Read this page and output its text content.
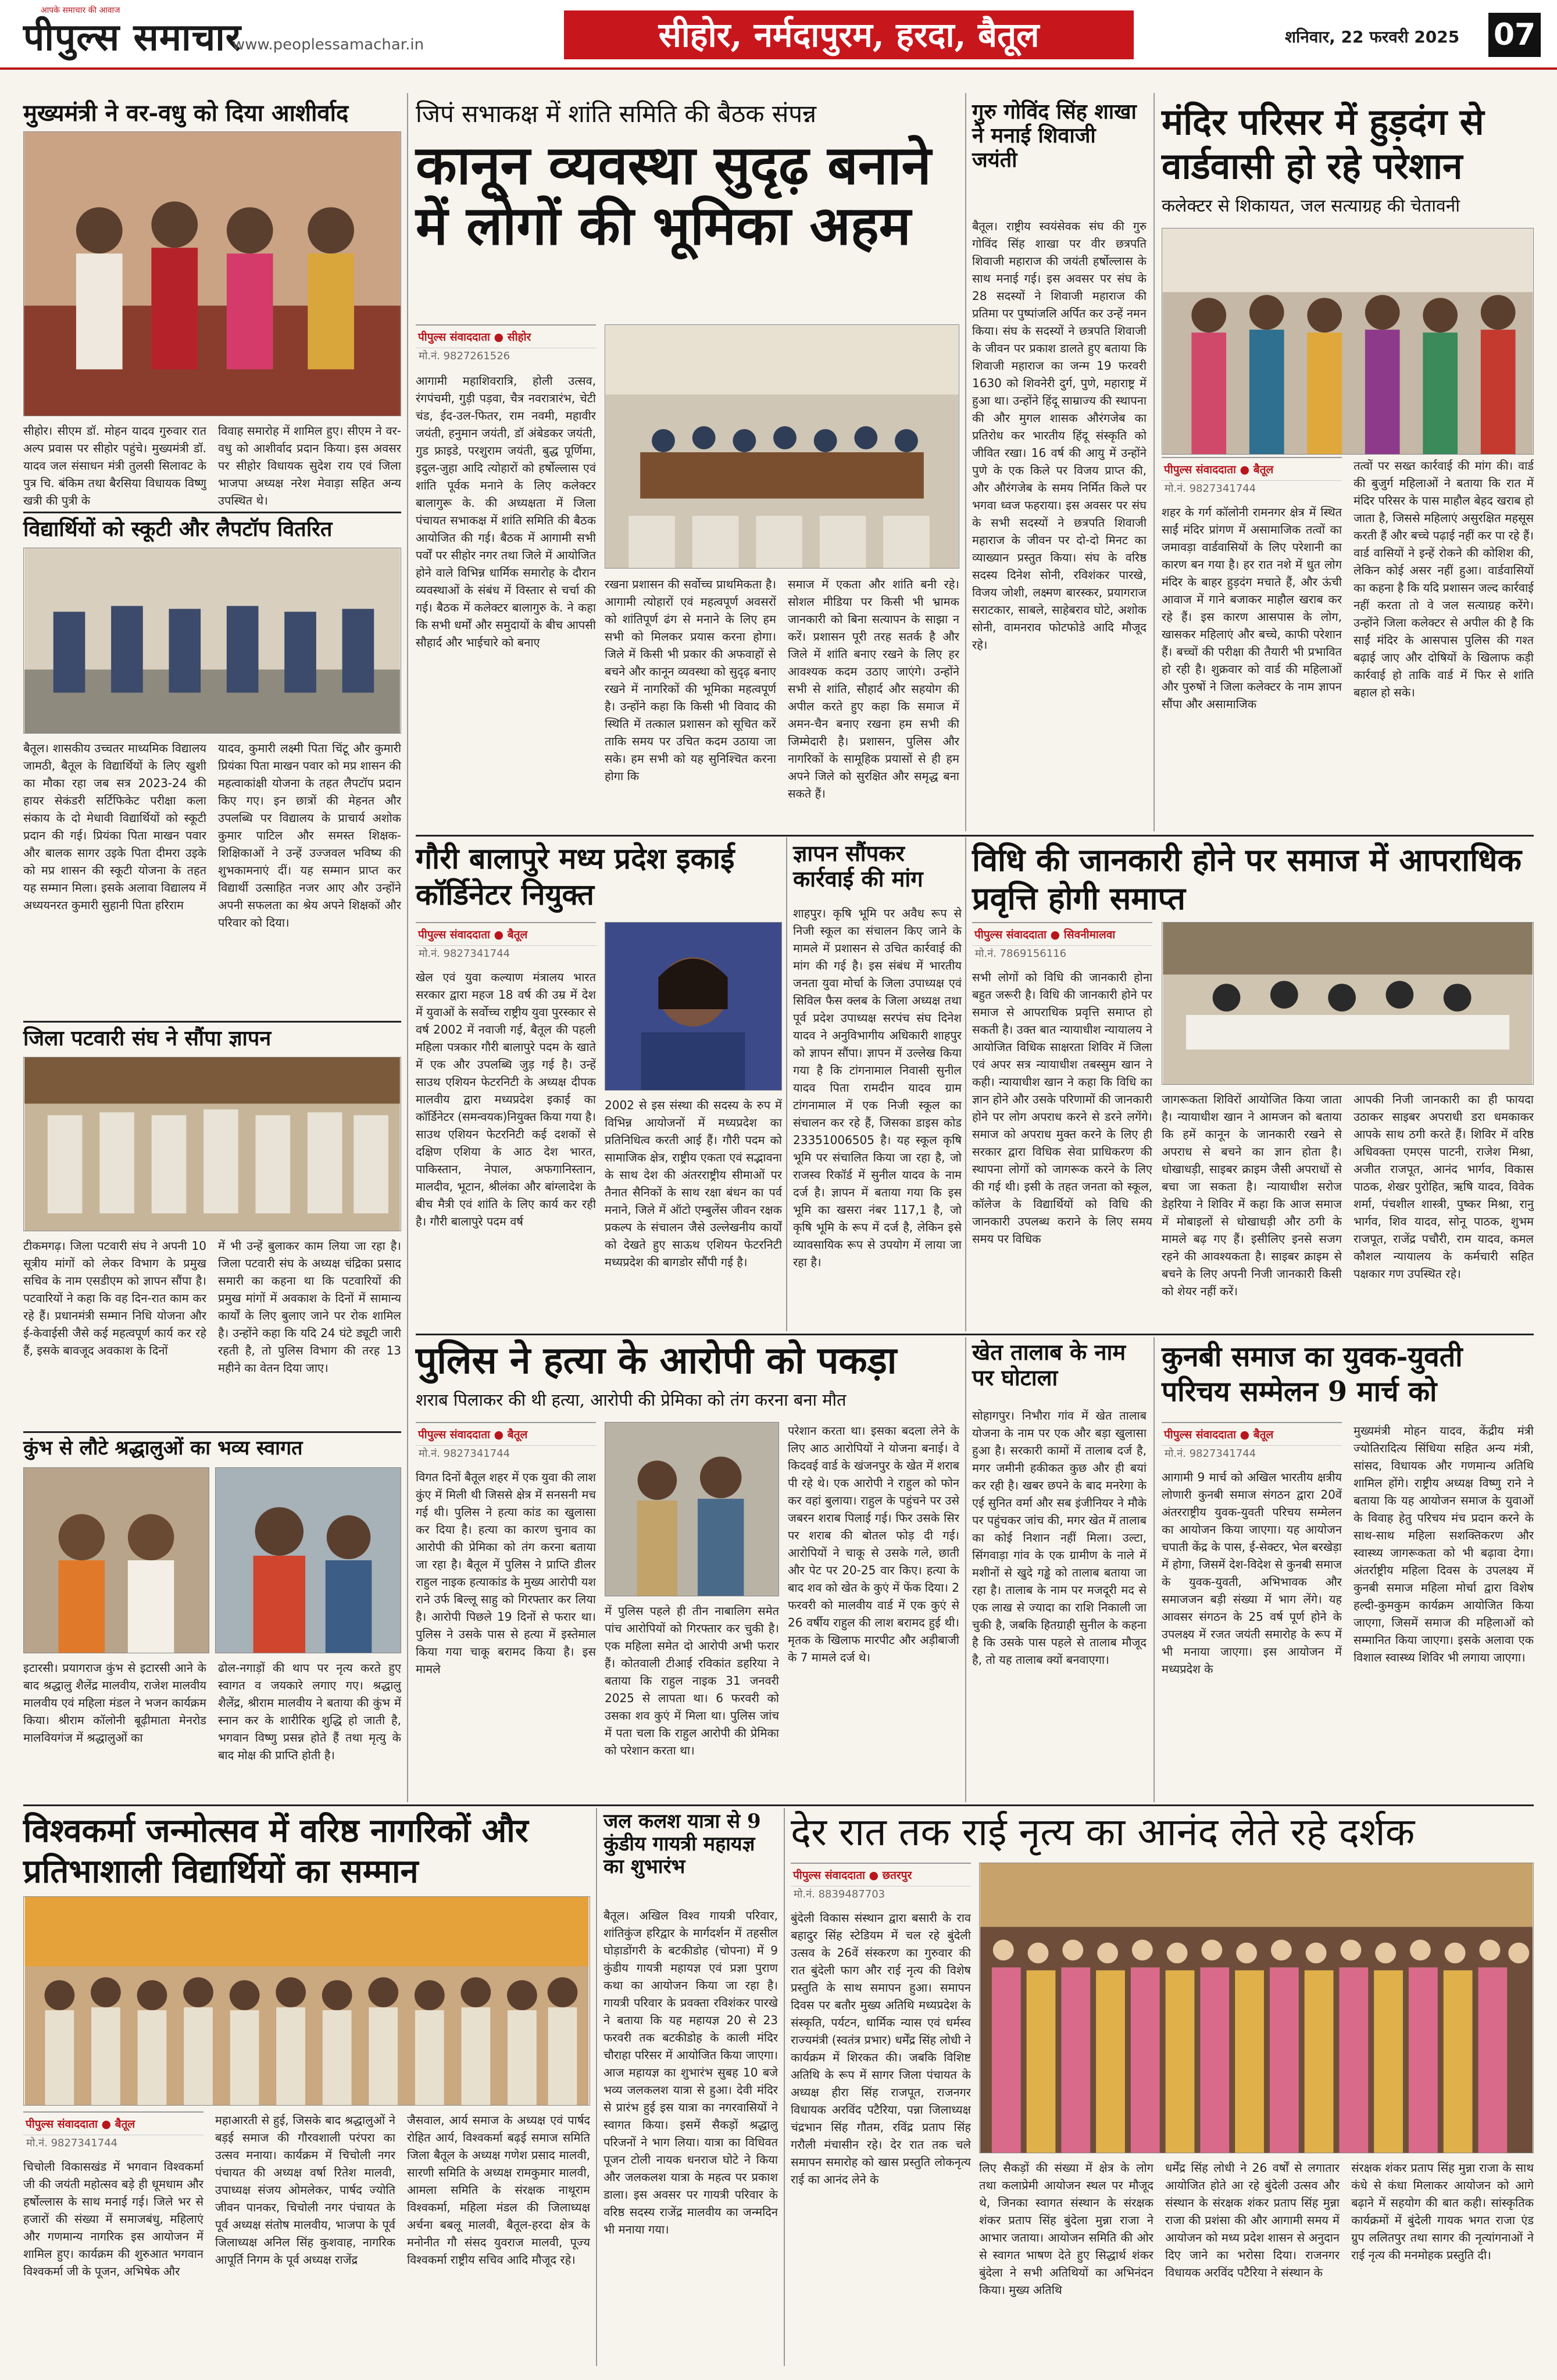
आपके समाचार की आवाज
पीपुल्स समाचार
www.peoplessamachar.in	सीहोर, नर्मदापुरम, हरदा, बैतूल	शनिवार, 22 फरवरी 2025 07
मुख्यमंत्री ने वर-वधु को दिया आशीर्वाद
सीहोर। सीएम डॉ. मोहन यादव गुरुवार रात अल्प प्रवास पर सीहोर पहुंचे। मुख्यमंत्री डॉ. यादव जल संसाधन मंत्री तुलसी सिलावट के पुत्र चि. बंकिम तथा बैरसिया विधायक विष्णु खत्री की पुत्री के
विवाह समारोह में शामिल हुए। सीएम ने वर-वधु को आशीर्वाद प्रदान किया। इस अवसर पर सीहोर विधायक सुदेश राय एवं जिला भाजपा अध्यक्ष नरेश मेवाड़ा सहित अन्य उपस्थित थे।
विद्यार्थियों को स्कूटी और लैपटॉप वितरित
बैतूल। शासकीय उच्चतर माध्यमिक विद्यालय जामठी, बैतूल के विद्यार्थियों के लिए खुशी का मौका रहा जब सत्र 2023-24 की हायर सेकंडरी सर्टिफिकेट परीक्षा कला संकाय के दो मेधावी विद्यार्थियों को स्कूटी प्रदान की गई। प्रियंका पिता माखन पवार और बालक सागर उइके पिता दीमरा उइके को मप्र शासन की स्कूटी योजना के तहत यह सम्मान मिला। इसके अलावा विद्यालय में अध्ययनरत कुमारी सुहानी पिता हरिराम
यादव, कुमारी लक्ष्मी पिता चिंटू और कुमारी प्रियंका पिता माखन पवार को मप्र शासन की महत्वाकांक्षी योजना के तहत लैपटॉप प्रदान किए गए। इन छात्रों की मेहनत और उपलब्धि पर विद्यालय के प्राचार्य अशोक कुमार पाटिल और समस्त शिक्षक-शिक्षिकाओं ने उन्हें उज्जवल भविष्य की शुभकामनाएं दीं। यह सम्मान प्राप्त कर विद्यार्थी उत्साहित नजर आए और उन्होंने अपनी सफलता का श्रेय अपने शिक्षकों और परिवार को दिया।
जिला पटवारी संघ ने सौंपा ज्ञापन
टीकमगढ़। जिला पटवारी संघ ने अपनी 10 सूत्रीय मांगों को लेकर विभाग के प्रमुख सचिव के नाम एसडीएम को ज्ञापन सौंपा है। पटवारियों ने कहा कि वह दिन-रात काम कर रहे हैं। प्रधानमंत्री सम्मान निधि योजना और ई-केवाईसी जैसे कई महत्वपूर्ण कार्य कर रहे हैं, इसके बावजूद अवकाश के दिनों
में भी उन्हें बुलाकर काम लिया जा रहा है। जिला पटवारी संघ के अध्यक्ष चंद्रिका प्रसाद समारी का कहना था कि पटवारियों की प्रमुख मांगों में अवकाश के दिनों में सामान्य कार्यों के लिए बुलाए जाने पर रोक शामिल है। उन्होंने कहा कि यदि 24 घंटे ड्यूटी जारी रहती है, तो पुलिस विभाग की तरह 13 महीने का वेतन दिया जाए।
कुंभ से लौटे श्रद्धालुओं का भव्य स्वागत
इटारसी। प्रयागराज कुंभ से इटारसी आने के बाद श्रद्धालु शैलेंद्र मालवीय, राजेश मालवीय मालवीय एवं महिला मंडल ने भजन कार्यक्रम किया। श्रीराम कॉलोनी बूढ़ीमाता मेनरोड मालवियगंज में श्रद्धालुओं का
ढोल-नगाड़ों की थाप पर नृत्य करते हुए स्वागत व जयकारे लगाए गए। श्रद्धालु शैलेंद्र, श्रीराम मालवीय ने बताया की कुंभ में स्नान कर के शारीरिक शुद्धि हो जाती है, भगवान विष्णु प्रसन्न होते हैं तथा मृत्यु के बाद मोक्ष की प्राप्ति होती है।
जिपं सभाकक्ष में शांति समिति की बैठक संपन्न
कानून व्यवस्था सुदृढ़ बनाने में लोगों की भूमिका अहम
पीपुल्स संवाददाता ● सीहोर
मो.नं. 9827261526
आगामी महाशिवरात्रि, होली उत्सव, रंगपंचमी, गुड़ी पड़वा, चैत्र नवरात्रारंभ, चेटी चंड, ईद-उल-फितर, राम नवमी, महावीर जयंती, हनुमान जयंती, डॉ अंबेडकर जयंती, गुड फ्राइडे, परशुराम जयंती, बुद्ध पूर्णिमा, इदुल-जुहा आदि त्योहारों को हर्षोल्लास एवं शांति पूर्वक मनाने के लिए कलेक्टर बालागुरू के. की अध्यक्षता में जिला पंचायत सभाकक्ष में शांति समिति की बैठक आयोजित की गई। बैठक में आगामी सभी पर्वों पर सीहोर नगर तथा जिले में आयोजित होने वाले विभिन्न धार्मिक समारोह के दौरान व्यवस्थाओं के संबंध में विस्तार से चर्चा की गई। बैठक में कलेक्टर बालागुरु के. ने कहा कि सभी धर्मों और समुदायों के बीच आपसी सौहार्द और भाईचारे को बनाए
रखना प्रशासन की सर्वोच्च प्राथमिकता है। आगामी त्योहारों एवं महत्वपूर्ण अवसरों को शांतिपूर्ण ढंग से मनाने के लिए हम सभी को मिलकर प्रयास करना होगा। जिले में किसी भी प्रकार की अफवाहों से बचने और कानून व्यवस्था को सुदृढ़ बनाए रखने में नागरिकों की भूमिका महत्वपूर्ण है। उन्होंने कहा कि किसी भी विवाद की स्थिति में तत्काल प्रशासन को सूचित करें ताकि समय पर उचित कदम उठाया जा सके। हम सभी को यह सुनिश्चित करना होगा कि
समाज में एकता और शांति बनी रहे। सोशल मीडिया पर किसी भी भ्रामक जानकारी को बिना सत्यापन के साझा न करें। प्रशासन पूरी तरह सतर्क है और जिले में शांति बनाए रखने के लिए हर आवश्यक कदम उठाए जाएंगे। उन्होंने सभी से शांति, सौहार्द और सहयोग की अपील करते हुए कहा कि समाज में अमन-चैन बनाए रखना हम सभी की जिम्मेदारी है। प्रशासन, पुलिस और नागरिकों के सामूहिक प्रयासों से ही हम अपने जिले को सुरक्षित और समृद्ध बना सकते हैं।
गुरु गोविंद सिंह शाखा ने मनाई शिवाजी जयंती
बैतूल। राष्ट्रीय स्वयंसेवक संघ की गुरु गोविंद सिंह शाखा पर वीर छत्रपति शिवाजी महाराज की जयंती हर्षोल्लास के साथ मनाई गई। इस अवसर पर संघ के 28 सदस्यों ने शिवाजी महाराज की प्रतिमा पर पुष्पांजलि अर्पित कर उन्हें नमन किया। संघ के सदस्यों ने छत्रपति शिवाजी के जीवन पर प्रकाश डालते हुए बताया कि शिवाजी महाराज का जन्म 19 फरवरी 1630 को शिवनेरी दुर्ग, पुणे, महाराष्ट्र में हुआ था। उन्होंने हिंदू साम्राज्य की स्थापना की और मुगल शासक औरंगजेब का प्रतिरोध कर भारतीय हिंदू संस्कृति को जीवित रखा। 16 वर्ष की आयु में उन्होंने पुणे के एक किले पर विजय प्राप्त की, और औरंगजेब के समय निर्मित किले पर भगवा ध्वज फहराया। इस अवसर पर संघ के सभी सदस्यों ने छत्रपति शिवाजी महाराज के जीवन पर दो-दो मिनट का व्याख्यान प्रस्तुत किया। संघ के वरिष्ठ सदस्य दिनेश सोनी, रविशंकर पारखे, विजय जोशी, लक्ष्मण बारस्कर, प्रयागराज सराटकार, साबले, साहेबराव घोटे, अशोक सोनी, वामनराव फोटफोडे आदि मौजूद रहे।
मंदिर परिसर में हुड़दंग से वार्डवासी हो रहे परेशान
कलेक्टर से शिकायत, जल सत्याग्रह की चेतावनी
पीपुल्स संवाददाता ● बैतूल
मो.नं. 9827341744
शहर के गर्ग कॉलोनी रामनगर क्षेत्र में स्थित साईं मंदिर प्रांगण में असामाजिक तत्वों का जमावड़ा वार्डवासियों के लिए परेशानी का कारण बन गया है। हर रात नशे में धुत लोग मंदिर के बाहर हुड़दंग मचाते हैं, और ऊंची आवाज में गाने बजाकर माहौल खराब कर रहे हैं। इस कारण आसपास के लोग, खासकर महिलाएं और बच्चे, काफी परेशान हैं। बच्चों की परीक्षा की तैयारी भी प्रभावित हो रही है। शुक्रवार को वार्ड की महिलाओं और पुरुषों ने जिला कलेक्टर के नाम ज्ञापन सौंपा और असामाजिक
तत्वों पर सख्त कार्रवाई की मांग की। वार्ड की बुजुर्ग महिलाओं ने बताया कि रात में मंदिर परिसर के पास माहौल बेहद खराब हो जाता है, जिससे महिलाएं असुरक्षित महसूस करती हैं और बच्चे पढ़ाई नहीं कर पा रहे हैं। वार्ड वासियों ने इन्हें रोकने की कोशिश की, लेकिन कोई असर नहीं हुआ। वार्डवासियों का कहना है कि यदि प्रशासन जल्द कार्रवाई नहीं करता तो वे जल सत्याग्रह करेंगे। उन्होंने जिला कलेक्टर से अपील की है कि साईं मंदिर के आसपास पुलिस की गश्त बढ़ाई जाए और दोषियों के खिलाफ कड़ी कार्रवाई हो ताकि वार्ड में फिर से शांति बहाल हो सके।
गौरी बालापुरे मध्य प्रदेश इकाई कॉर्डिनेटर नियुक्त
पीपुल्स संवाददाता ● बैतूल
मो.नं. 9827341744
खेल एवं युवा कल्याण मंत्रालय भारत सरकार द्वारा महज 18 वर्ष की उम्र में देश में युवाओं के सर्वोच्च राष्ट्रीय युवा पुरस्कार से वर्ष 2002 में नवाजी गई, बैतूल की पहली महिला पत्रकार गौरी बालापुरे पदम के खाते में एक और उपलब्धि जुड़ गई है। उन्हें साउथ एशियन फेटरनिटी के अध्यक्ष दीपक मालवीय द्वारा मध्यप्रदेश इकाई का कॉर्डिनेटर (समन्वयक)नियुक्त किया गया है। साउथ एशियन फेटरनिटी कई दशकों से दक्षिण एशिया के आठ देश भारत, पाकिस्तान, नेपाल, अफगानिस्तान, मालदीव, भूटान, श्रीलंका और बांग्लादेश के बीच मैत्री एवं शांति के लिए कार्य कर रही है। गौरी बालापुरे पदम वर्ष
2002 से इस संस्था की सदस्य के रुप में विभिन्न आयोजनों में मध्यप्रदेश का प्रतिनिधित्व करती आई हैं। गौरी पदम को सामाजिक क्षेत्र, राष्ट्रीय एकता एवं सद्भावना के साथ देश की अंतरराष्ट्रीय सीमाओं पर तैनात सैनिकों के साथ रक्षा बंधन का पर्व मनाने, जिले में ऑटो एम्बुलेंस जीवन रक्षक प्रकल्प के संचालन जैसे उल्लेखनीय कार्यों को देखते हुए साऊथ एशियन फेटरनिटी मध्यप्रदेश की बागडोर सौंपी गई है।
ज्ञापन सौंपकर कार्रवाई की मांग
शाहपुर। कृषि भूमि पर अवैध रूप से निजी स्कूल का संचालन किए जाने के मामले में प्रशासन से उचित कार्रवाई की मांग की गई है। इस संबंध में भारतीय जनता युवा मोर्चा के जिला उपाध्यक्ष एवं सिविल फैस क्लब के जिला अध्यक्ष तथा पूर्व प्रदेश उपाध्यक्ष सरपंच संघ दिनेश यादव ने अनुविभागीय अधिकारी शाहपुर को ज्ञापन सौंपा। ज्ञापन में उल्लेख किया गया है कि टांगनामाल निवासी सुनील यादव पिता रामदीन यादव ग्राम टांगनामाल में एक निजी स्कूल का संचालन कर रहे हैं, जिसका डाइस कोड 23351006505 है। यह स्कूल कृषि भूमि पर संचालित किया जा रहा है, जो राजस्व रिकॉर्ड में सुनील यादव के नाम दर्ज है। ज्ञापन में बताया गया कि इस भूमि का खसरा नंबर 117,1 है, जो कृषि भूमि के रूप में दर्ज है, लेकिन इसे व्यावसायिक रूप से उपयोग में लाया जा रहा है।
विधि की जानकारी होने पर समाज में आपराधिक प्रवृत्ति होगी समाप्त
पीपुल्स संवाददाता ● सिवनीमालवा
मो.नं. 7869156116
सभी लोगों को विधि की जानकारी होना बहुत जरूरी है। विधि की जानकारी होने पर समाज से आपराधिक प्रवृत्ति समाप्त हो सकती है। उक्त बात न्यायाधीश न्यायालय ने आयोजित विधिक साक्षरता शिविर में जिला एवं अपर सत्र न्यायाधीश तबस्सुम खान ने कही। न्यायाधीश खान ने कहा कि विधि का ज्ञान होने और उसके परिणामों की जानकारी होने पर लोग अपराध करने से डरने लगेंगे। समाज को अपराध मुक्त करने के लिए ही सरकार द्वारा विधिक सेवा प्राधिकरण की स्थापना लोगों को जागरूक करने के लिए की गई थी। इसी के तहत जनता को स्कूल, कॉलेज के विद्यार्थियों को विधि की जानकारी उपलब्ध कराने के लिए समय समय पर विधिक
जागरूकता शिविरों आयोजित किया जाता है। न्यायाधीश खान ने आमजन को बताया कि हमें कानून के जानकारी रखने से अपराध से बचने का ज्ञान होता है। धोखाधड़ी, साइबर क्राइम जैसी अपराधों से बचा जा सकता है। न्यायाधीश सरोज डेहरिया ने शिविर में कहा कि आज समाज में मोबाइलों से धोखाधड़ी और ठगी के मामले बढ़ गए हैं। इसीलिए इनसे सजग रहने की आवश्यकता है। साइबर क्राइम से बचने के लिए अपनी निजी जानकारी किसी को शेयर नहीं करें।
आपकी निजी जानकारी का ही फायदा उठाकर साइबर अपराधी डरा धमकाकर आपके साथ ठगी करते हैं। शिविर में वरिष्ठ अधिवक्ता एमएस पाटनी, राजेश मिश्रा, अजीत राजपूत, आनंद भार्गव, विकास पाठक, शेखर पुरोहित, ऋषि यादव, विवेक शर्मा, पंचशील शास्त्री, पुष्कर मिश्रा, रानु भार्गव, शिव यादव, सोनू पाठक, शुभम राजपूत, राजेंद्र पचौरी, राम यादव, कमल कौशल न्यायालय के कर्मचारी सहित पक्षकार गण उपस्थित रहे।
पुलिस ने हत्या के आरोपी को पकड़ा
शराब पिलाकर की थी हत्या, आरोपी की प्रेमिका को तंग करना बना मौत
पीपुल्स संवाददाता ● बैतूल
मो.नं. 9827341744
विगत दिनों बैतूल शहर में एक युवा की लाश कुंए में मिली थी जिससे क्षेत्र में सनसनी मच गई थी। पुलिस ने हत्या कांड का खुलासा कर दिया है। हत्या का कारण चुनाव का आरोपी की प्रेमिका को तंग करना बताया जा रहा है। बैतूल में पुलिस ने प्राप्ति डीलर राहुल नाइक हत्याकांड के मुख्य आरोपी यश राने उर्फ बिल्लू साहु को गिरफ्तार कर लिया है। आरोपी पिछले 19 दिनों से फरार था। पुलिस ने उसके पास से हत्या में इस्तेमाल किया गया चाकू बरामद किया है। इस मामले
में पुलिस पहले ही तीन नाबालिग समेत पांच आरोपियों को गिरफ्तार कर चुकी है। एक महिला समेत दो आरोपी अभी फरार हैं। कोतवाली टीआई रविकांत डहरिया ने बताया कि राहुल नाइक 31 जनवरी 2025 से लापता था। 6 फरवरी को उसका शव कुएं में मिला था। पुलिस जांच में पता चला कि राहुल आरोपी की प्रेमिका को परेशान करता था।
परेशान करता था। इसका बदला लेने के लिए आठ आरोपियों ने योजना बनाई। वे किदवई वार्ड के खंजनपुर के खेत में शराब पी रहे थे। एक आरोपी ने राहुल को फोन कर वहां बुलाया। राहुल के पहुंचने पर उसे जबरन शराब पिलाई गई। फिर उसके सिर पर शराब की बोतल फोड़ दी गई। आरोपियों ने चाकू से उसके गले, छाती और पेट पर 20-25 वार किए। हत्या के बाद शव को खेत के कुएं में फेंक दिया। 2 फरवरी को मालवीय वार्ड में एक कुएं से 26 वर्षीय राहुल की लाश बरामद हुई थी। मृतक के खिलाफ मारपीट और अड़ीबाजी के 7 मामले दर्ज थे।
खेत तालाब के नाम पर घोटाला
सोहागपुर। निभौरा गांव में खेत तालाब योजना के नाम पर एक और बड़ा खुलासा हुआ है। सरकारी कामों में तालाब दर्ज है, मगर जमीनी हकीकत कुछ और ही बयां कर रही है। खबर छपने के बाद मनरेगा के एई सुनित वर्मा और सब इंजीनियर ने मौके पर पहुंचकर जांच की, मगर खेत में तालाब का कोई निशान नहीं मिला। उल्टा, सिंगवाड़ा गांव के एक ग्रामीण के नाले में मशीनों से खुदे गड्ढे को तालाब बताया जा रहा है। तालाब के नाम पर मजदूरी मद से एक लाख से ज्यादा का राशि निकाली जा चुकी है, जबकि हितग्राही सुनील के कहना है कि उसके पास पहले से तालाब मौजूद है, तो यह तालाब क्यों बनवाएगा।
कुनबी समाज का युवक-युवती परिचय सम्मेलन 9 मार्च को
पीपुल्स संवाददाता ● बैतूल
मो.नं. 9827341744
आगामी 9 मार्च को अखिल भारतीय क्षत्रीय लोणारी कुनबी समाज संगठन द्वारा 20वें अंतरराष्ट्रीय युवक-युवती परिचय सम्मेलन का आयोजन किया जाएगा। यह आयोजन चपाती केंद्र के पास, ई-सेक्टर, भेल बरखेड़ा में होगा, जिसमें देश-विदेश से कुनबी समाज के युवक-युवती, अभिभावक और समाजजन बड़ी संख्या में भाग लेंगे। यह आवसर संगठन के 25 वर्ष पूर्ण होने के उपलक्ष्य में रजत जयंती समारोह के रूप में भी मनाया जाएगा। इस आयोजन में मध्यप्रदेश के
मुख्यमंत्री मोहन यादव, केंद्रीय मंत्री ज्योतिरादित्य सिंधिया सहित अन्य मंत्री, सांसद, विधायक और गणमान्य अतिथि शामिल होंगे। राष्ट्रीय अध्यक्ष विष्णु राने ने बताया कि यह आयोजन समाज के युवाओं के विवाह हेतु परिचय मंच प्रदान करने के साथ-साथ महिला सशक्तिकरण और स्वास्थ्य जागरूकता को भी बढ़ावा देगा। अंतर्राष्ट्रीय महिला दिवस के उपलक्ष्य में कुनबी समाज महिला मोर्चा द्वारा विशेष हल्दी-कुमकुम कार्यक्रम आयोजित किया जाएगा, जिसमें समाज की महिलाओं को सम्मानित किया जाएगा। इसके अलावा एक विशाल स्वास्थ्य शिविर भी लगाया जाएगा।
विश्वकर्मा जन्मोत्सव में वरिष्ठ नागरिकों और प्रतिभाशाली विद्यार्थियों का सम्मान
पीपुल्स संवाददाता ● बैतूल
मो.नं. 9827341744
चिचोली विकासखंड में भगवान विश्वकर्मा जी की जयंती महोत्सव बड़े ही धूमधाम और हर्षोल्लास के साथ मनाई गई। जिले भर से हजारों की संख्या में समाजबंधु, महिलाएं और गणमान्य नागरिक इस आयोजन में शामिल हुए। कार्यक्रम की शुरुआत भगवान विश्वकर्मा जी के पूजन, अभिषेक और
महाआरती से हुई, जिसके बाद श्रद्धालुओं ने बड़ई समाज की गौरवशाली परंपरा का उत्सव मनाया। कार्यक्रम में चिचोली नगर पंचायत की अध्यक्ष वर्षा रितेश मालवी, उपाध्यक्ष संजय ओमलेकर, पार्षद ज्योति जीवन पानकर, चिचोली नगर पंचायत के पूर्व अध्यक्ष संतोष मालवीय, भाजपा के पूर्व जिलाध्यक्ष अनिल सिंह कुशवाह, नागरिक आपूर्ति निगम के पूर्व अध्यक्ष राजेंद्र
जैसवाल, आर्य समाज के अध्यक्ष एवं पार्षद रोहित आर्य, विश्वकर्मा बढ़ई समाज समिति जिला बैतूल के अध्यक्ष गणेश प्रसाद मालवी, सारणी समिति के अध्यक्ष रामकुमार मालवी, आमला समिति के संरक्षक नाथूराम विश्वकर्मा, महिला मंडल की जिलाध्यक्ष अर्चना बबलू मालवी, बैतूल-हरदा क्षेत्र के मनोनीत गौ संसद युवराज मालवी, पूज्य विश्वकर्मा राष्ट्रीय सचिव आदि मौजूद रहे।
जल कलश यात्रा से 9 कुंडीय गायत्री महायज्ञ का शुभारंभ
बैतूल। अखिल विश्व गायत्री परिवार, शांतिकुंज हरिद्वार के मार्गदर्शन में तहसील घोड़ाडोंगरी के बटकीडोह (चोपना) में 9 कुंडीय गायत्री महायज्ञ एवं प्रज्ञा पुराण कथा का आयोजन किया जा रहा है। गायत्री परिवार के प्रवक्ता रविशंकर पारखे ने बताया कि यह महायज्ञ 20 से 23 फरवरी तक बटकीडोह के काली मंदिर चौराहा परिसर में आयोजित किया जाएगा। आज महायज्ञ का शुभारंभ सुबह 10 बजे भव्य जलकलश यात्रा से हुआ। देवी मंदिर से प्रारंभ हुई इस यात्रा का नगरवासियों ने स्वागत किया। इसमें सैकड़ों श्रद्धालु परिजनों ने भाग लिया। यात्रा का विधिवत पूजन टोली नायक धनराज घोटे ने किया और जलकलश यात्रा के महत्व पर प्रकाश डाला। इस अवसर पर गायत्री परिवार के वरिष्ठ सदस्य राजेंद्र मालवीय का जन्मदिन भी मनाया गया।
देर रात तक राई नृत्य का आनंद लेते रहे दर्शक
पीपुल्स संवाददाता ● छतरपुर
मो.नं. 8839487703
बुंदेली विकास संस्थान द्वारा बसारी के राव बहादुर सिंह स्टेडियम में चल रहे बुंदेली उत्सव के 26वें संस्करण का गुरुवार की रात बुंदेली फाग और राई नृत्य की विशेष प्रस्तुति के साथ समापन हुआ। समापन दिवस पर बतौर मुख्य अतिथि मध्यप्रदेश के संस्कृति, पर्यटन, धार्मिक न्यास एवं धर्मस्व राज्यमंत्री (स्वतंत्र प्रभार) धर्मेंद्र सिंह लोधी ने कार्यक्रम में शिरकत की। जबकि विशिष्ट अतिथि के रूप में सागर जिला पंचायत के अध्यक्ष हीरा सिंह राजपूत, राजनगर विधायक अरविंद पटैरिया, पन्ना जिलाध्यक्ष चंद्रभान सिंह गौतम, रविंद्र प्रताप सिंह गरौली मंचासीन रहे। देर रात तक चले समापन समारोह को खास प्रस्तुति लोकनृत्य राई का आनंद लेने के
लिए सैकड़ों की संख्या में क्षेत्र के लोग तथा कलाप्रेमी आयोजन स्थल पर मौजूद थे, जिनका स्वागत संस्थान के संरक्षक शंकर प्रताप सिंह बुंदेला मुन्ना राजा ने आभार जताया। आयोजन समिति की ओर से स्वागत भाषण देते हुए सिद्धार्थ शंकर बुंदेला ने सभी अतिथियों का अभिनंदन किया। मुख्य अतिथि
धर्मेंद्र सिंह लोधी ने 26 वर्षों से लगातार आयोजित होते आ रहे बुंदेली उत्सव और संस्थान के संरक्षक शंकर प्रताप सिंह मुन्ना राजा की प्रशंसा की और आगामी समय में आयोजन को मध्य प्रदेश शासन से अनुदान दिए जाने का भरोसा दिया। राजनगर विधायक अरविंद पटैरिया ने संस्थान के
संरक्षक शंकर प्रताप सिंह मुन्ना राजा के साथ कंधे से कंधा मिलाकर आयोजन को आगे बढ़ाने में सहयोग की बात कही। सांस्कृतिक कार्यक्रमों में बुंदेली गायक भगत राजा एंड ग्रुप ललितपुर तथा सागर की नृत्यांगनाओं ने राई नृत्य की मनमोहक प्रस्तुति दी।
